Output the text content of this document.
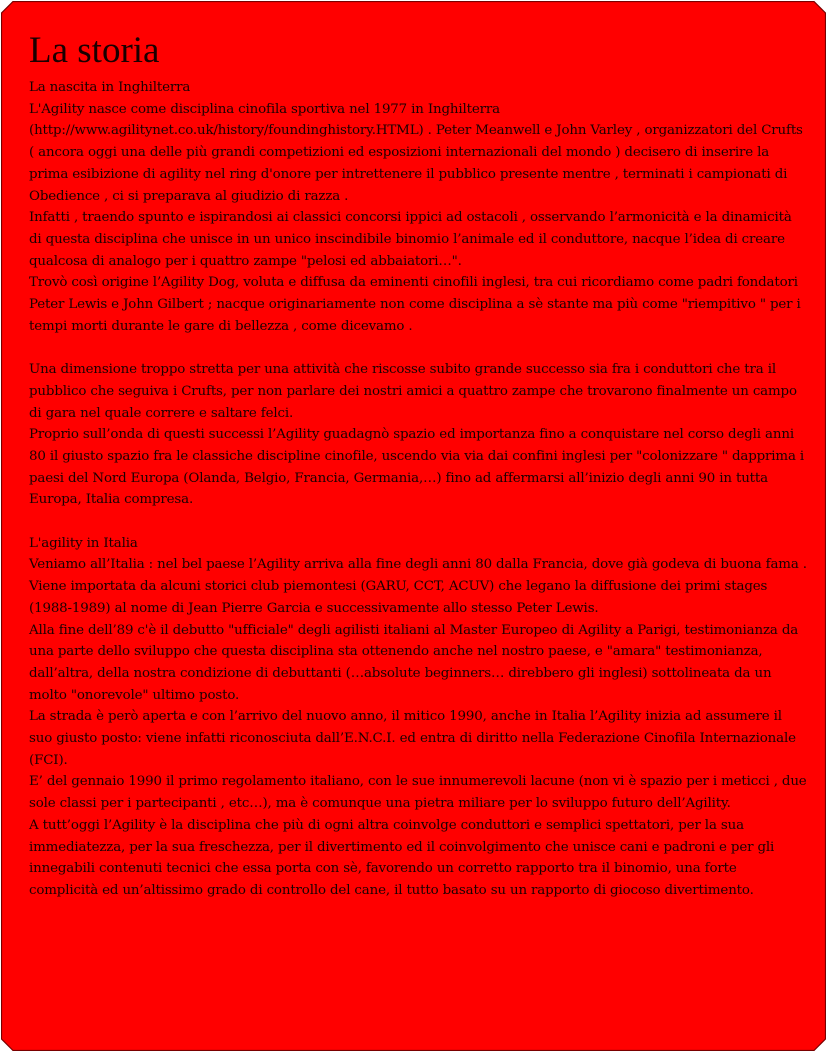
La storia

La nascita in Inghilterra

L'Agility nasce come disciplina cinofila sportiva nel 1977 in Inghilterra (http://www.agilitynet.co.uk/history/foundinghistory.HTML) . Peter Meanwell e John Varley , organizzatori del Crufts ( ancora oggi una delle più grandi competizioni ed esposizioni internazionali del mondo ) decisero di inserire la prima esibizione di agility nel ring d'onore per intrettenere il pubblico presente mentre , terminati i campionati di Obedience , ci si preparava al giudizio di razza .

Infatti , traendo spunto e ispirandosi ai classici concorsi ippici ad ostacoli , osservando l’armonicità e la dinamicità di questa disciplina che unisce in un unico inscindibile binomio l’animale ed il conduttore, nacque l’idea di creare qualcosa di analogo per i quattro zampe "pelosi ed abbaiatori…".

Trovò così origine l’Agility Dog, voluta e diffusa da eminenti cinofili inglesi, tra cui ricordiamo come padri fondatori Peter Lewis e John Gilbert ; nacque originariamente non come disciplina a sè stante ma più come "riempitivo " per i tempi morti durante le gare di bellezza , come dicevamo .

Una dimensione troppo stretta per una attività che riscosse subito grande successo sia fra i conduttori che tra il pubblico che seguiva i Crufts, per non parlare dei nostri amici a quattro zampe che trovarono finalmente un campo di gara nel quale correre e saltare felci.

Proprio sull’onda di questi successi l’Agility guadagnò spazio ed importanza fino a conquistare nel corso degli anni 80 il giusto spazio fra le classiche discipline cinofile, uscendo via via dai confini inglesi per "colonizzare " dapprima i paesi del Nord Europa (Olanda, Belgio, Francia, Germania,…) fino ad affermarsi all’inizio degli anni 90 in tutta Europa, Italia compresa.

L'agility in Italia

Veniamo all’Italia : nel bel paese l’Agility arriva alla fine degli anni 80 dalla Francia, dove già godeva di buona fama . Viene importata da alcuni storici club piemontesi (GARU, CCT, ACUV) che legano la diffusione dei primi stages (1988-1989) al nome di Jean Pierre Garcia e successivamente allo stesso Peter Lewis.

Alla fine dell’89 c'è il debutto "ufficiale" degli agilisti italiani al Master Europeo di Agility a Parigi, testimonianza da una parte dello sviluppo che questa disciplina sta ottenendo anche nel nostro paese, e "amara" testimonianza, dall’altra, della nostra condizione di debuttanti (…absolute beginners… direbbero gli inglesi) sottolineata da un molto "onorevole" ultimo posto.

La strada è però aperta e con l’arrivo del nuovo anno, il mitico 1990, anche in Italia l’Agility inizia ad assumere il suo giusto posto: viene infatti riconosciuta dall’E.N.C.I. ed entra di diritto nella Federazione Cinofila Internazionale (FCI).

E’ del gennaio 1990 il primo regolamento italiano, con le sue innumerevoli lacune (non vi è spazio per i meticci , due sole classi per i partecipanti , etc…), ma è comunque una pietra miliare per lo sviluppo futuro dell’Agility.

A tutt’oggi l’Agility è la disciplina che più di ogni altra coinvolge conduttori e semplici spettatori, per la sua immediatezza, per la sua freschezza, per il divertimento ed il coinvolgimento che unisce cani e padroni e per gli innegabili contenuti tecnici che essa porta con sè, favorendo un corretto rapporto tra il binomio, una forte complicità ed un’altissimo grado di controllo del cane, il tutto basato su un rapporto di giocoso divertimento.
